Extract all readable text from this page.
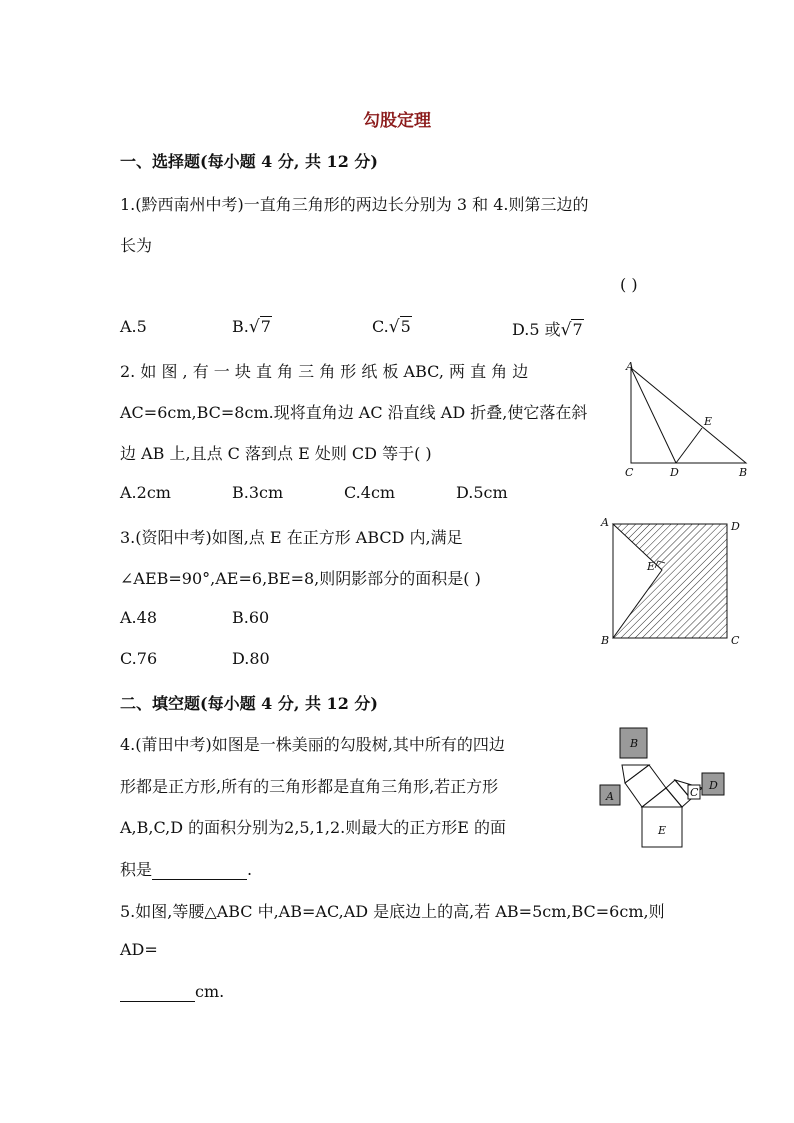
勾股定理
一、选择题(每小题 4 分, 共 12 分)
1.(黔西南州中考)一直角三角形的两边长分别为 3 和 4.则第三边的
长为
( )
A.5	B.√7	C.√5	D.5 或√7
2. 如 图 , 有 一 块 直 角 三 角 形 纸 板 ABC, 两 直 角 边
AC=6cm,BC=8cm.现将直角边 AC 沿直线 AD 折叠,使它落在斜
边 AB 上,且点 C 落到点 E 处则 CD 等于( )
A.2cm	B.3cm	C.4cm	D.5cm
A
E
C	D	B
3.(资阳中考)如图,点 E 在正方形 ABCD 内,满足
∠AEB=90°,AE=6,BE=8,则阴影部分的面积是( )
A.48	B.60
C.76	D.80
A	D
E
B	C
二、填空题(每小题 4 分, 共 12 分)
4.(莆田中考)如图是一株美丽的勾股树,其中所有的四边
形都是正方形,所有的三角形都是直角三角形,若正方形
A,B,C,D 的面积分别为2,5,1,2.则最大的正方形E 的面
积是	.
A
B
C
D
E
5.如图,等腰△ABC 中,AB=AC,AD 是底边上的高,若 AB=5cm,BC=6cm,则
AD=
cm.
